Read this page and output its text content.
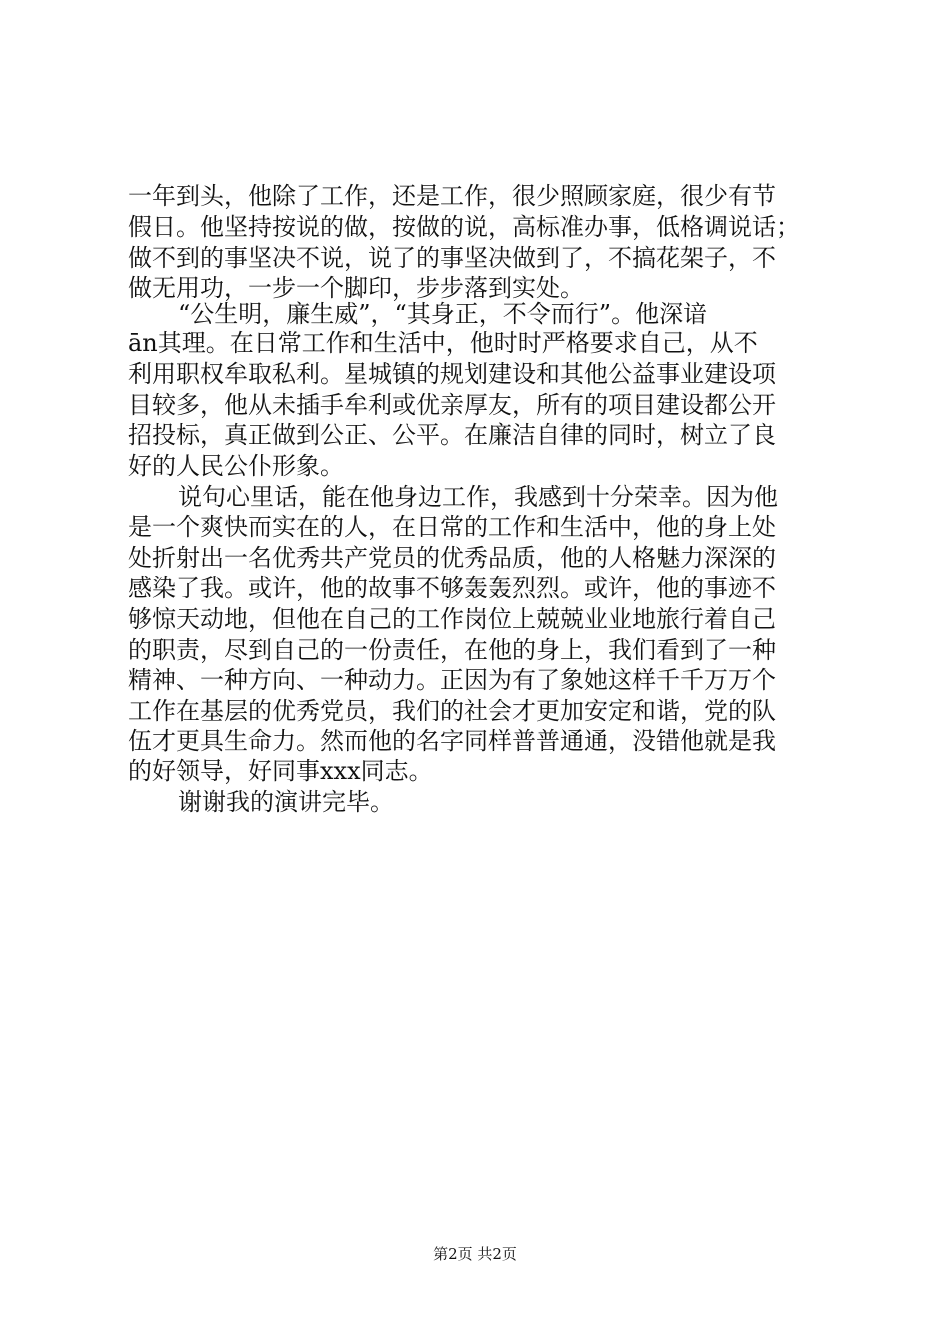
一年到头，他除了工作，还是工作，很少照顾家庭，很少有节
假日。他坚持按说的做，按做的说，高标准办事，低格调说话；
做不到的事坚决不说，说了的事坚决做到了，不搞花架子，不
做无用功，一步一个脚印，步步落到实处。
“公生明，廉生威”，“其身正，不令而行”。他深谙
ān其理。在日常工作和生活中，他时时严格要求自己，从不
利用职权牟取私利。星城镇的规划建设和其他公益事业建设项
目较多，他从未插手牟利或优亲厚友，所有的项目建设都公开
招投标，真正做到公正、公平。在廉洁自律的同时，树立了良
好的人民公仆形象。
说句心里话，能在他身边工作，我感到十分荣幸。因为他
是一个爽快而实在的人，在日常的工作和生活中，他的身上处
处折射出一名优秀共产党员的优秀品质，他的人格魅力深深的
感染了我。或许，他的故事不够轰轰烈烈。或许，他的事迹不
够惊天动地，但他在自己的工作岗位上兢兢业业地旅行着自己
的职责，尽到自己的一份责任，在他的身上，我们看到了一种
精神、一种方向、一种动力。正因为有了象她这样千千万万个
工作在基层的优秀党员，我们的社会才更加安定和谐，党的队
伍才更具生命力。然而他的名字同样普普通通，没错他就是我
的好领导，好同事xxx同志。
谢谢我的演讲完毕。
第2页 共2页
